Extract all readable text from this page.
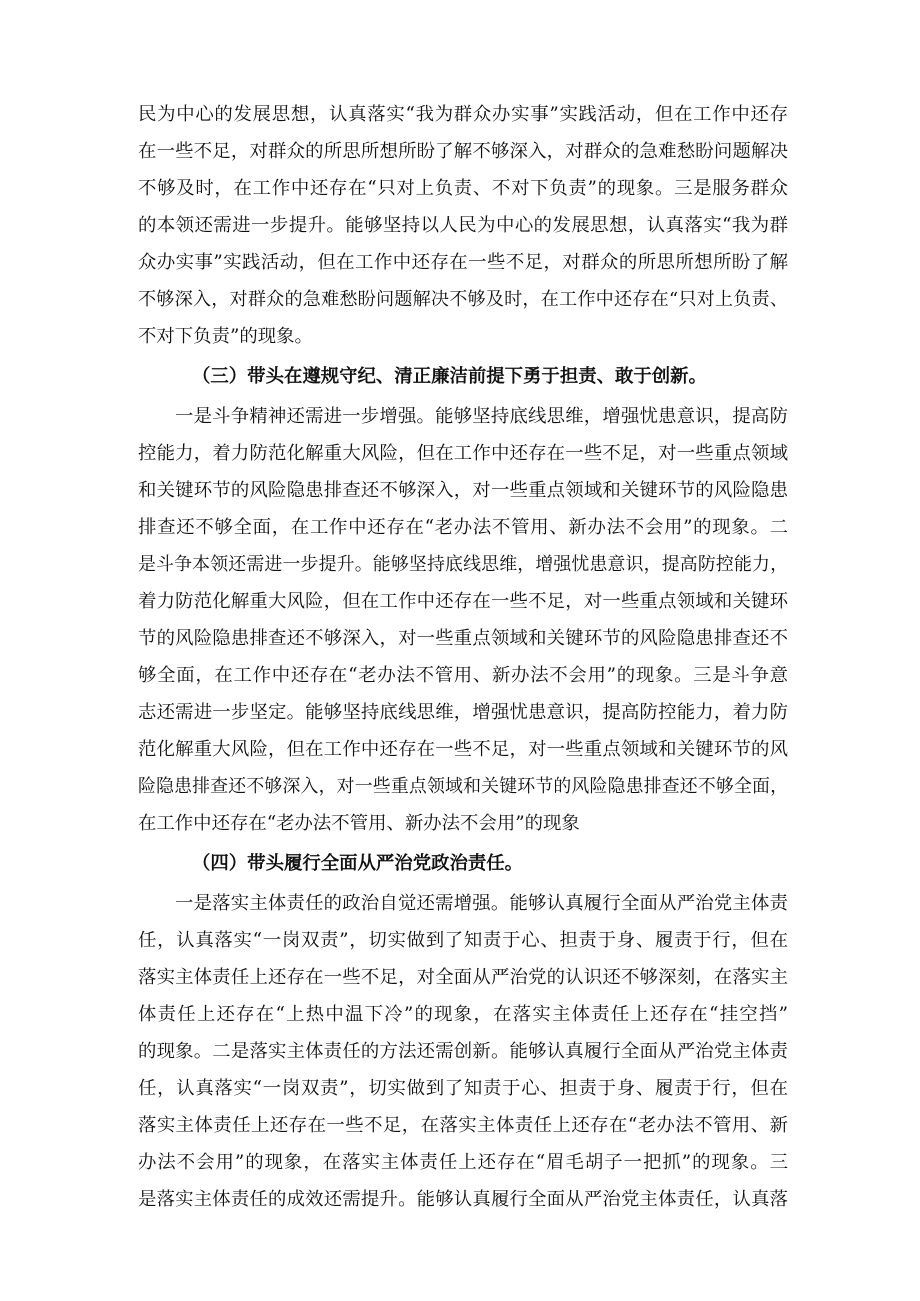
民为中心的发展思想，认真落实“我为群众办实事”实践活动，但在工作中还存
在一些不足，对群众的所思所想所盼了解不够深入，对群众的急难愁盼问题解决
不够及时，在工作中还存在“只对上负责、不对下负责”的现象。三是服务群众
的本领还需进一步提升。能够坚持以人民为中心的发展思想，认真落实“我为群
众办实事”实践活动，但在工作中还存在一些不足，对群众的所思所想所盼了解
不够深入，对群众的急难愁盼问题解决不够及时，在工作中还存在“只对上负责、
不对下负责”的现象。
（三）带头在遵规守纪、清正廉洁前提下勇于担责、敢于创新。
一是斗争精神还需进一步增强。能够坚持底线思维，增强忧患意识，提高防
控能力，着力防范化解重大风险，但在工作中还存在一些不足，对一些重点领域
和关键环节的风险隐患排查还不够深入，对一些重点领域和关键环节的风险隐患
排查还不够全面，在工作中还存在“老办法不管用、新办法不会用”的现象。二
是斗争本领还需进一步提升。能够坚持底线思维，增强忧患意识，提高防控能力，
着力防范化解重大风险，但在工作中还存在一些不足，对一些重点领域和关键环
节的风险隐患排查还不够深入，对一些重点领域和关键环节的风险隐患排查还不
够全面，在工作中还存在“老办法不管用、新办法不会用”的现象。三是斗争意
志还需进一步坚定。能够坚持底线思维，增强忧患意识，提高防控能力，着力防
范化解重大风险，但在工作中还存在一些不足，对一些重点领域和关键环节的风
险隐患排查还不够深入，对一些重点领域和关键环节的风险隐患排查还不够全面，
在工作中还存在“老办法不管用、新办法不会用”的现象
（四）带头履行全面从严治党政治责任。
一是落实主体责任的政治自觉还需增强。能够认真履行全面从严治党主体责
任，认真落实“一岗双责”，切实做到了知责于心、担责于身、履责于行，但在
落实主体责任上还存在一些不足，对全面从严治党的认识还不够深刻，在落实主
体责任上还存在“上热中温下冷”的现象，在落实主体责任上还存在“挂空挡”
的现象。二是落实主体责任的方法还需创新。能够认真履行全面从严治党主体责
任，认真落实“一岗双责”，切实做到了知责于心、担责于身、履责于行，但在
落实主体责任上还存在一些不足，在落实主体责任上还存在“老办法不管用、新
办法不会用”的现象，在落实主体责任上还存在“眉毛胡子一把抓”的现象。三
是落实主体责任的成效还需提升。能够认真履行全面从严治党主体责任，认真落
